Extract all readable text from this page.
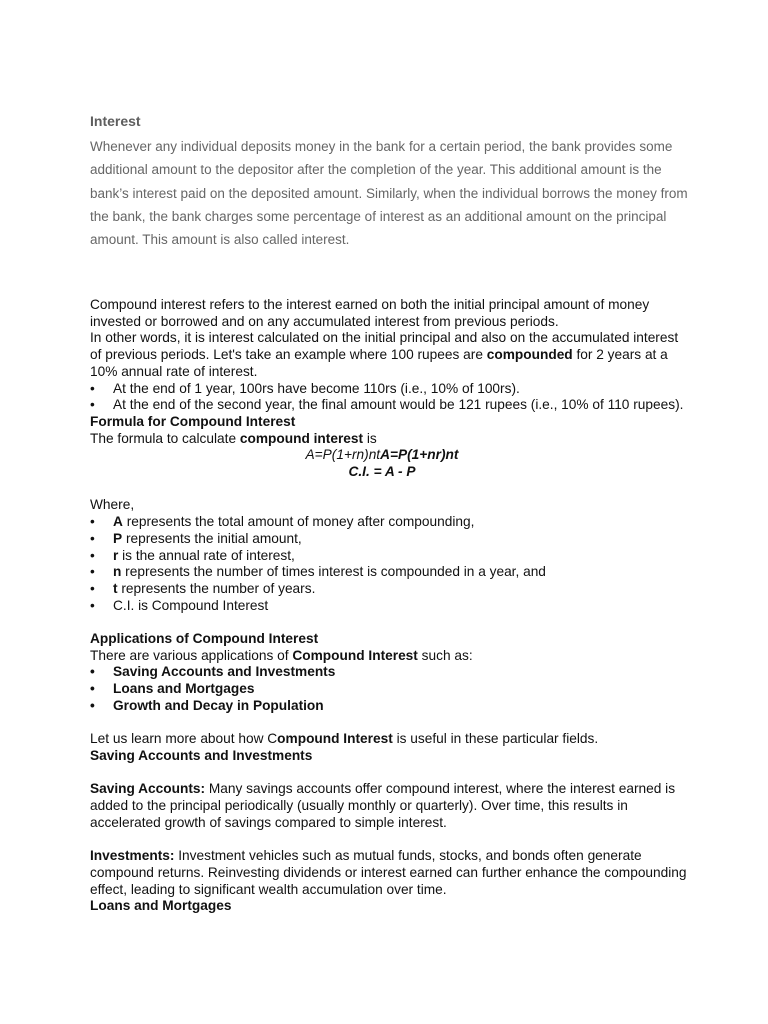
Interest

Whenever any individual deposits money in the bank for a certain period, the bank provides some additional amount to the depositor after the completion of the year. This additional amount is the bank’s interest paid on the deposited amount. Similarly, when the individual borrows the money from the bank, the bank charges some percentage of interest as an additional amount on the principal amount. This amount is also called interest.

Compound interest refers to the interest earned on both the initial principal amount of money invested or borrowed and on any accumulated interest from previous periods.
In other words, it is interest calculated on the initial principal and also on the accumulated interest of previous periods. Let's take an example where 100 rupees are compounded for 2 years at a 10% annual rate of interest.
• At the end of 1 year, 100rs have become 110rs (i.e., 10% of 100rs).
• At the end of the second year, the final amount would be 121 rupees (i.e., 10% of 110 rupees).
Formula for Compound Interest
The formula to calculate compound interest is
A=P(1+rn)ntA=P(1+nr)nt
C.I. = A - P
Where,
• A represents the total amount of money after compounding,
• P represents the initial amount,
• r is the annual rate of interest,
• n represents the number of times interest is compounded in a year, and
• t represents the number of years.
• C.I. is Compound Interest
Applications of Compound Interest
There are various applications of Compound Interest such as:
• Saving Accounts and Investments
• Loans and Mortgages
• Growth and Decay in Population
Let us learn more about how Compound Interest is useful in these particular fields.
Saving Accounts and Investments
Saving Accounts: Many savings accounts offer compound interest, where the interest earned is added to the principal periodically (usually monthly or quarterly). Over time, this results in accelerated growth of savings compared to simple interest.
Investments: Investment vehicles such as mutual funds, stocks, and bonds often generate compound returns. Reinvesting dividends or interest earned can further enhance the compounding effect, leading to significant wealth accumulation over time.
Loans and Mortgages
